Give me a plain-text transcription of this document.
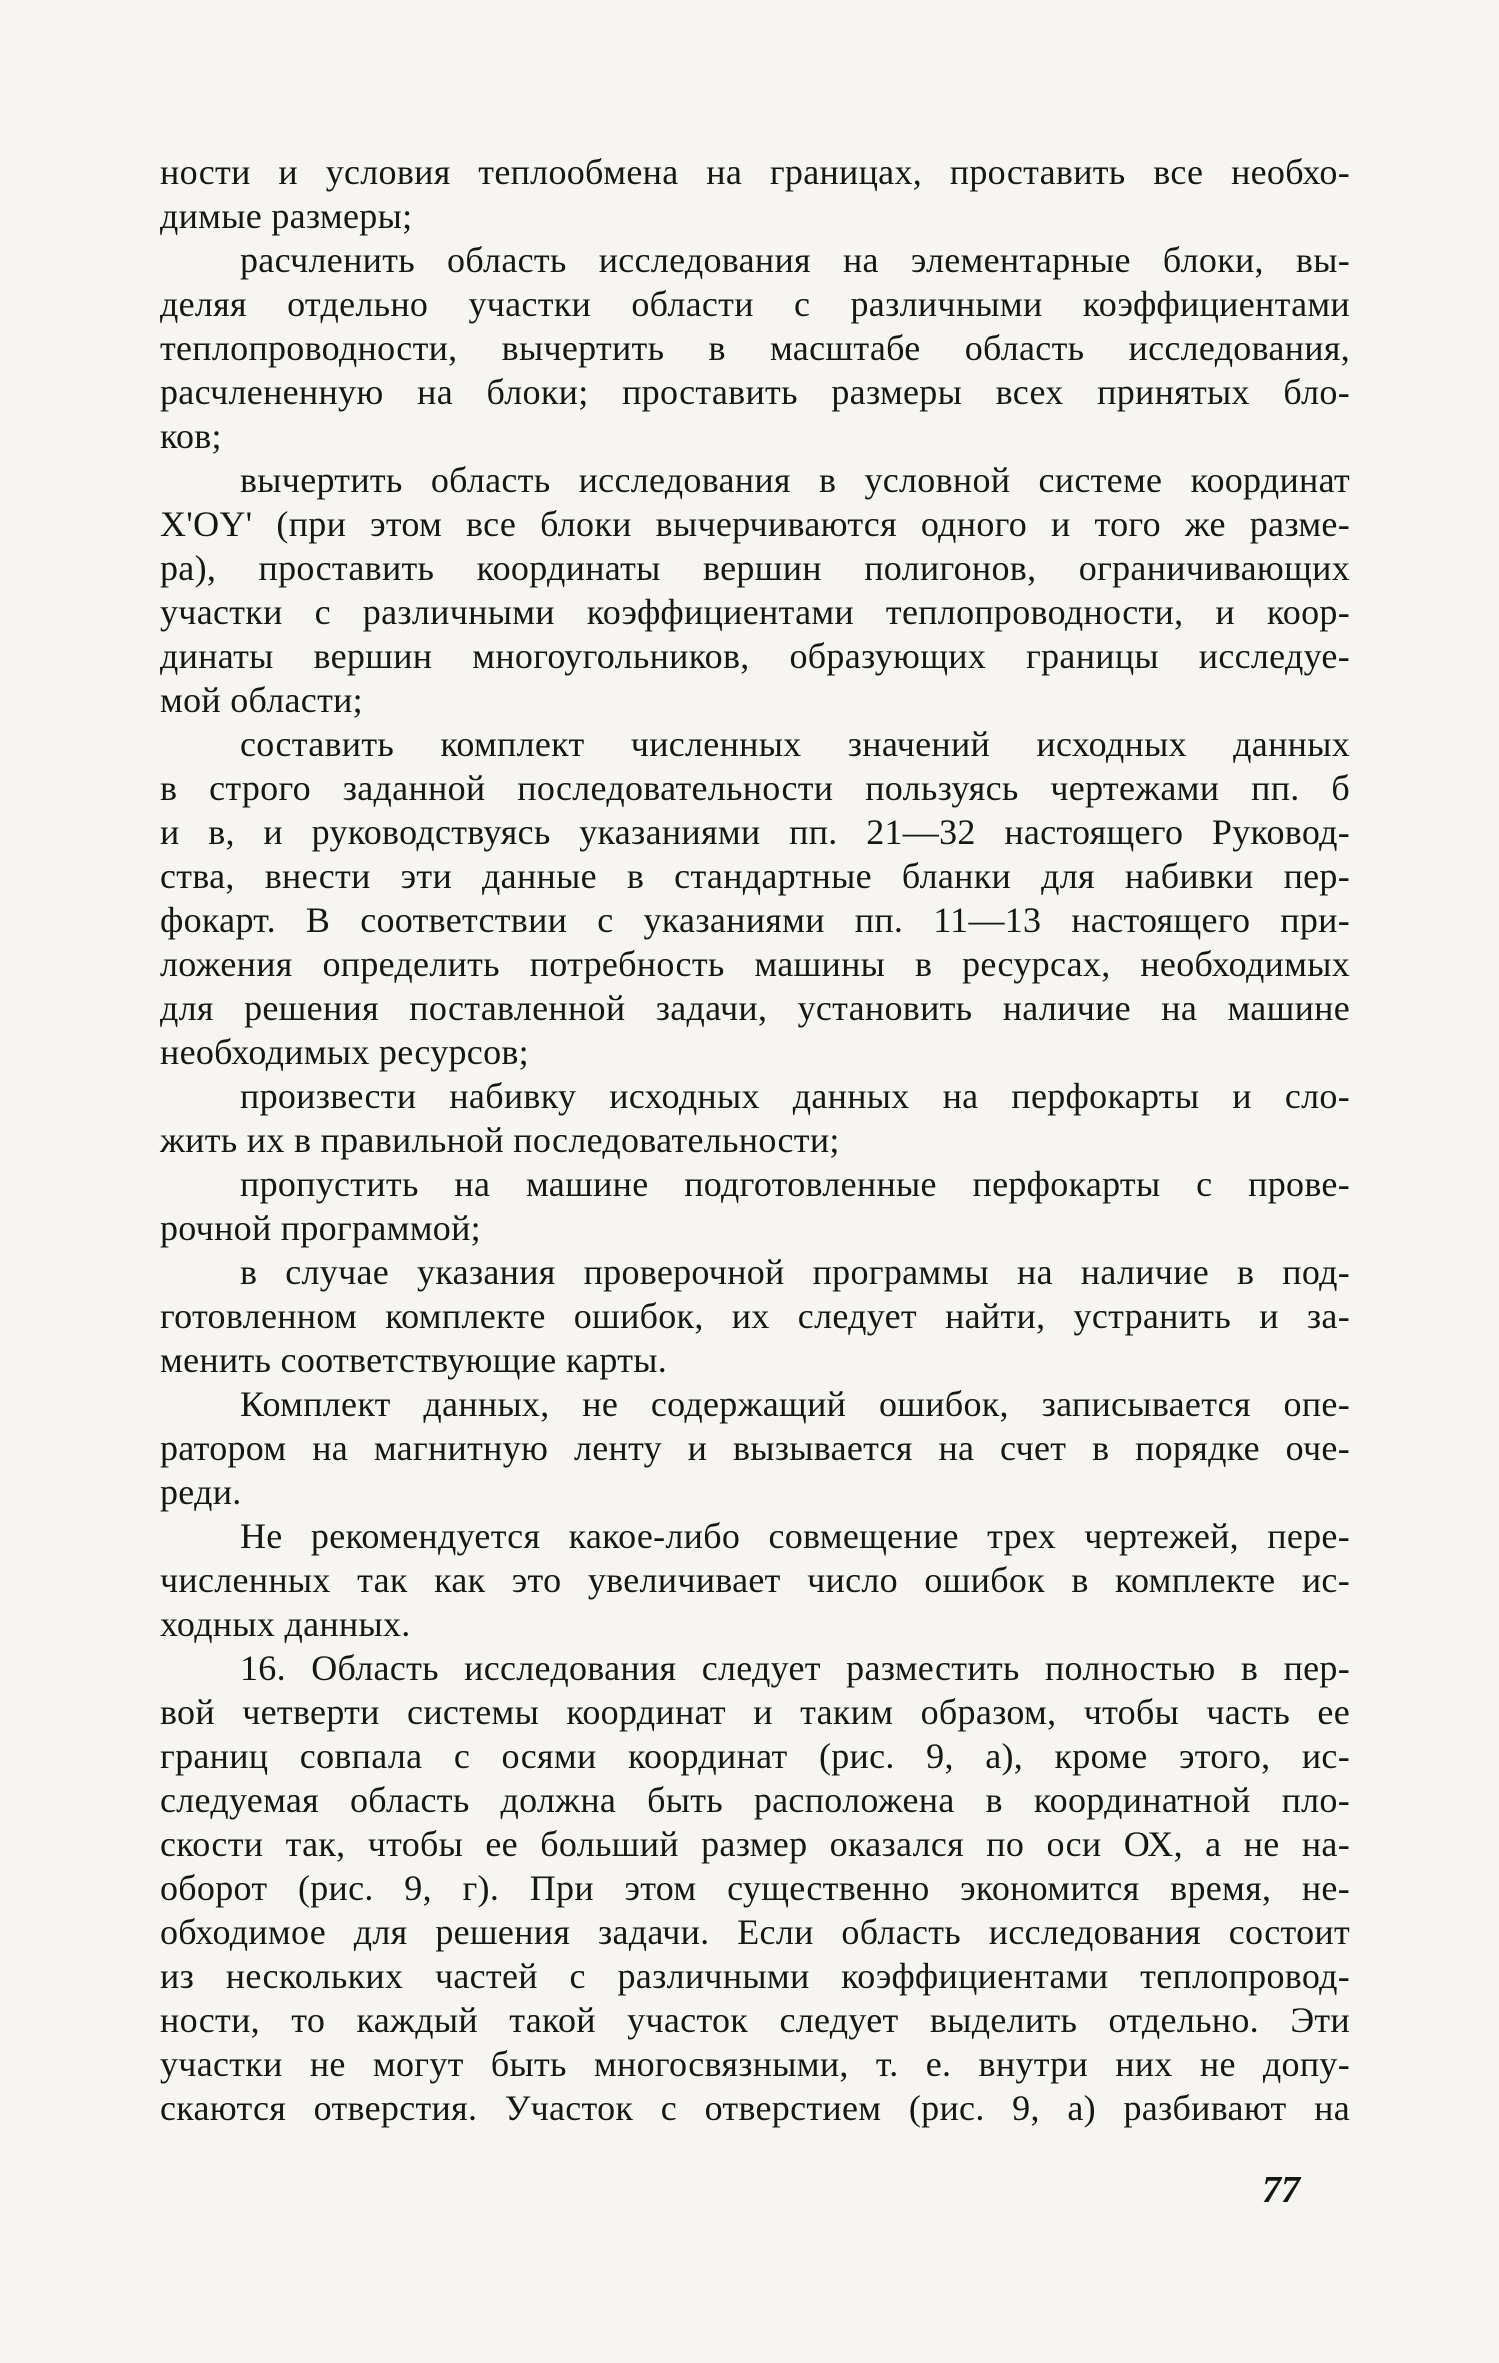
ности и условия теплообмена на границах, проставить все необхо-
димые размеры;
расчленить область исследования на элементарные блоки, вы-
деляя отдельно участки области с различными коэффициентами
теплопроводности, вычертить в масштабе область исследования,
расчлененную на блоки; проставить размеры всех принятых бло-
ков;
вычертить область исследования в условной системе координат
X'OY' (при этом все блоки вычерчиваются одного и того же разме-
ра), проставить координаты вершин полигонов, ограничивающих
участки с различными коэффициентами теплопроводности, и коор-
динаты вершин многоугольников, образующих границы исследуе-
мой области;
составить комплект численных значений исходных данных
в строго заданной последовательности пользуясь чертежами пп. б
и в, и руководствуясь указаниями пп. 21—32 настоящего Руковод-
ства, внести эти данные в стандартные бланки для набивки пер-
фокарт. В соответствии с указаниями пп. 11—13 настоящего при-
ложения определить потребность машины в ресурсах, необходимых
для решения поставленной задачи, установить наличие на машине
необходимых ресурсов;
произвести набивку исходных данных на перфокарты и сло-
жить их в правильной последовательности;
пропустить на машине подготовленные перфокарты с прове-
рочной программой;
в случае указания проверочной программы на наличие в под-
готовленном комплекте ошибок, их следует найти, устранить и за-
менить соответствующие карты.
Комплект данных, не содержащий ошибок, записывается опе-
ратором на магнитную ленту и вызывается на счет в порядке оче-
реди.
Не рекомендуется какое-либо совмещение трех чертежей, пере-
численных так как это увеличивает число ошибок в комплекте ис-
ходных данных.
16. Область исследования следует разместить полностью в пер-
вой четверти системы координат и таким образом, чтобы часть ее
границ совпала с осями координат (рис. 9, а), кроме этого, ис-
следуемая область должна быть расположена в координатной пло-
скости так, чтобы ее больший размер оказался по оси ОХ, а не на-
оборот (рис. 9, г). При этом существенно экономится время, не-
обходимое для решения задачи. Если область исследования состоит
из нескольких частей с различными коэффициентами теплопровод-
ности, то каждый такой участок следует выделить отдельно. Эти
участки не могут быть многосвязными, т. е. внутри них не допу-
скаются отверстия. Участок с отверстием (рис. 9, а) разбивают на
77
